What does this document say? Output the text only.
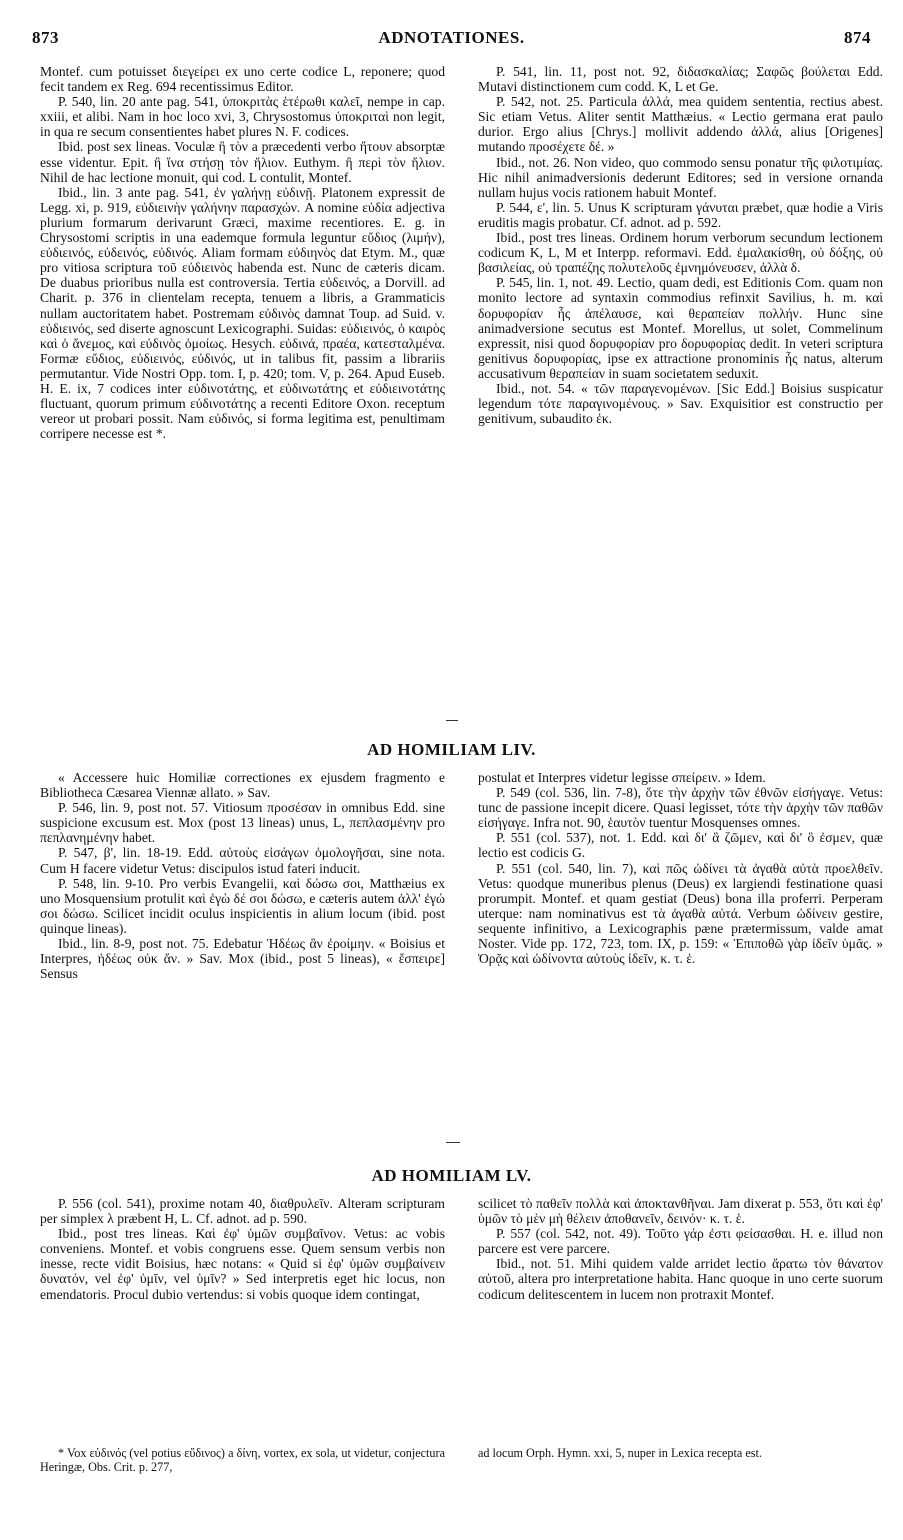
873	ADNOTATIONES.	874

Montef. cum potuisset διεγείρει ex uno certe codice L, reponere; quod fecit tandem ex Reg. 694 recentissimus Editor.

P. 540, lin. 20 ante pag. 541, ὑποκριτὰς ἑτέρωθι καλεῖ, nempe in cap. xxiii, et alibi. Nam in hoc loco xvi, 3, Chrysostomus ὑποκριταὶ non legit, in qua re secum consentientes habet plures N. F. codices.

Ibid. post sex lineas. Voculæ ἢ τὸν a præcedenti verbo ἤτουν absorptæ esse videntur. Epit. ἢ ἵνα στήσῃ τὸν ἥλιον. Euthym. ἢ περὶ τὸν ἥλιον. Nihil de hac lectione monuit, qui cod. L contulit, Montef.

Ibid., lin. 3 ante pag. 541, ἐν γαλήνῃ εὐδινῇ. Platonem expressit de Legg. xi, p. 919, εὐδιεινὴν γαλήνην παρασχών. A nomine εὐδία adjectiva plurium formarum derivarunt Græci, maxime recentiores. E. g. in Chrysostomi scriptis in una eademque formula leguntur εὔδιος (λιμήν), εὐδιεινός, εὐδεινός, εὐδινός. Aliam formam εὐδιηνὸς dat Etym. M., quæ pro vitiosa scriptura τοῦ εὐδιεινὸς habenda est. Nunc de cæteris dicam. De duabus prioribus nulla est controversia. Tertia εὐδεινός, a Dorvill. ad Charit. p. 376 in clientelam recepta, tenuem a libris, a Grammaticis nullam auctoritatem habet. Postremam εὐδινὸς damnat Toup. ad Suid. v. εὐδιεινός, sed diserte agnoscunt Lexicographi. Suidas: εὐδιεινός, ὁ καιρὸς καὶ ὁ ἄνεμος, καὶ εὐδινὸς ὁμοίως. Hesych. εὐδινά, πραέα, κατεσταλμένα. Formæ εὔδιος, εὐδιεινός, εὐδινός, ut in talibus fit, passim a librariis permutantur. Vide Nostri Opp. tom. I, p. 420; tom. V, p. 264. Apud Euseb. H. E. ix, 7 codices inter εὐδινοτάτης, et εὐδινωτάτης et εὐδιεινοτάτης fluctuant, quorum primum εὐδινοτάτης a recenti Editore Oxon. receptum vereor ut probari possit. Nam εὐδινός, si forma legitima est, penultimam corripere necesse est *.

P. 541, lin. 11, post not. 92, διδασκαλίας; Σαφῶς βούλεται Edd. Mutavi distinctionem cum codd. K, L et Ge.

P. 542, not. 25. Particula ἀλλά, mea quidem sententia, rectius abest. Sic etiam Vetus. Aliter sentit Matthæius. « Lectio germana erat paulo durior. Ergo alius [Chrys.] mollivit addendo ἀλλά, alius [Origenes] mutando προσέχετε δέ. »

Ibid., not. 26. Non video, quo commodo sensu ponatur τῆς φιλοτιμίας. Hic nihil animadversionis dederunt Editores; sed in versione ornanda nullam hujus vocis rationem habuit Montef.

P. 544, ε', lin. 5. Unus K scripturam γάνυται præbet, quæ hodie a Viris eruditis magis probatur. Cf. adnot. ad p. 592.

Ibid., post tres lineas. Ordinem horum verborum secundum lectionem codicum K, L, M et Interpp. reformavi. Edd. ἐμαλακίσθη, οὐ δόξης, οὐ βασιλείας, οὐ τραπέζης πολυτελοῦς ἐμνημόνευσεν, ἀλλὰ δ.

P. 545, lin. 1, not. 49. Lectio, quam dedi, est Editionis Com. quam non monito lectore ad syntaxin commodius refinxit Savilius, h. m. καὶ δορυφορίαν ἧς ἀπέλαυσε, καὶ θεραπείαν πολλήν. Hunc sine animadversione secutus est Montef. Morellus, ut solet, Commelinum expressit, nisi quod δορυφορίαν pro δορυφορίας dedit. In veteri scriptura genitivus δορυφορίας, ipse ex attractione pronominis ἧς natus, alterum accusativum θεραπείαν in suam societatem seduxit.

Ibid., not. 54. « τῶν παραγενομένων. [Sic Edd.] Boisius suspicatur legendum τότε παραγινομένους. » Sav. Exquisitior est constructio per genitivum, subaudito ἐκ.

AD HOMILIAM LIV.

« Accessere huic Homiliæ correctiones ex ejusdem fragmento e Bibliotheca Cæsarea Viennæ allato. » Sav.

P. 546, lin. 9, post not. 57. Vitiosum προσέσαν in omnibus Edd. sine suspicione excusum est. Mox (post 13 lineas) unus, L, πεπλασμένην pro πεπλανημένην habet.

P. 547, β', lin. 18-19. Edd. αὐτοὺς εἰσάγων ὁμολογῆσαι, sine nota. Cum H facere videtur Vetus: discipulos istud fateri inducit.

P. 548, lin. 9-10. Pro verbis Evangelii, καὶ δώσω σοι, Matthæius ex uno Mosquensium protulit καὶ ἐγὼ δέ σοι δώσω, e cæteris autem ἀλλ' ἐγώ σοι δώσω. Scilicet incidit oculus inspicientis in alium locum (ibid. post quinque lineas).

Ibid., lin. 8-9, post not. 75. Edebatur Ἡδέως ἂν ἐροίμην. « Boisius et Interpres, ἡδέως οὐκ ἄν. » Sav. Mox (ibid., post 5 lineas), « ἔσπειρε] Sensus

postulat et Interpres videtur legisse σπείρειν. » Idem.

P. 549 (col. 536, lin. 7-8), ὅτε τὴν ἀρχὴν τῶν ἐθνῶν εἰσήγαγε. Vetus: tunc de passione incepit dicere. Quasi legisset, τότε τὴν ἀρχὴν τῶν παθῶν εἰσήγαγε. Infra not. 90, ἑαυτὸν tuentur Mosquenses omnes.

P. 551 (col. 537), not. 1. Edd. καὶ δι' ἃ ζῶμεν, καὶ δι' ὃ ἐσμεν, quæ lectio est codicis G.

P. 551 (col. 540, lin. 7), καὶ πῶς ὠδίνει τὰ ἀγαθὰ αὐτὰ προελθεῖν. Vetus: quodque muneribus plenus (Deus) ex largiendi festinatione quasi prorumpit. Montef. et quam gestiat (Deus) bona illa proferri. Perperam uterque: nam nominativus est τὰ ἀγαθὰ αὐτά. Verbum ὠδίνειν gestire, sequente infinitivo, a Lexicographis pæne prætermissum, valde amat Noster. Vide pp. 172, 723, tom. IX, p. 159: « Ἐπιποθῶ γὰρ ἰδεῖν ὑμᾶς. » Ὁρᾷς καὶ ὠδίνοντα αὐτοὺς ἰδεῖν, κ. τ. ἑ.

AD HOMILIAM LV.

P. 556 (col. 541), proxime notam 40, διαθρυλεῖν. Alteram scripturam per simplex λ præbent H, L. Cf. adnot. ad p. 590.

Ibid., post tres lineas. Καὶ ἐφ' ὑμῶν συμβαῖνον. Vetus: ac vobis conveniens. Montef. et vobis congruens esse. Quem sensum verbis non inesse, recte vidit Boisius, hæc notans: « Quid si ἐφ' ὑμῶν συμβαίνειν δυνατόν, vel ἐφ' ὑμῖν, vel ὑμῖν? » Sed interpretis eget hic locus, non emendatoris. Procul dubio vertendus: si vobis quoque idem contingat,

scilicet τὸ παθεῖν πολλὰ καὶ ἀποκτανθῆναι. Jam dixerat p. 553, ὅτι καὶ ἐφ' ὑμῶν τὸ μὲν μὴ θέλειν ἀποθανεῖν, δεινόν· κ. τ. ἑ.

P. 557 (col. 542, not. 49). Τοῦτο γάρ ἐστι φείσασθαι. H. e. illud non parcere est vere parcere.

Ibid., not. 51. Mihi quidem valde arridet lectio ἄρατω τὸν θάνατον αὐτοῦ, altera pro interpretatione habita. Hanc quoque in uno certe suorum codicum delitescentem in lucem non protraxit Montef.

* Vox εὐδινός (vel potius εὔδινος) a δίνη, vortex, ex sola, ut videtur, conjectura Heringæ, Obs. Crit. p. 277,

ad locum Orph. Hymn. xxi, 5, nuper in Lexica recepta est.
